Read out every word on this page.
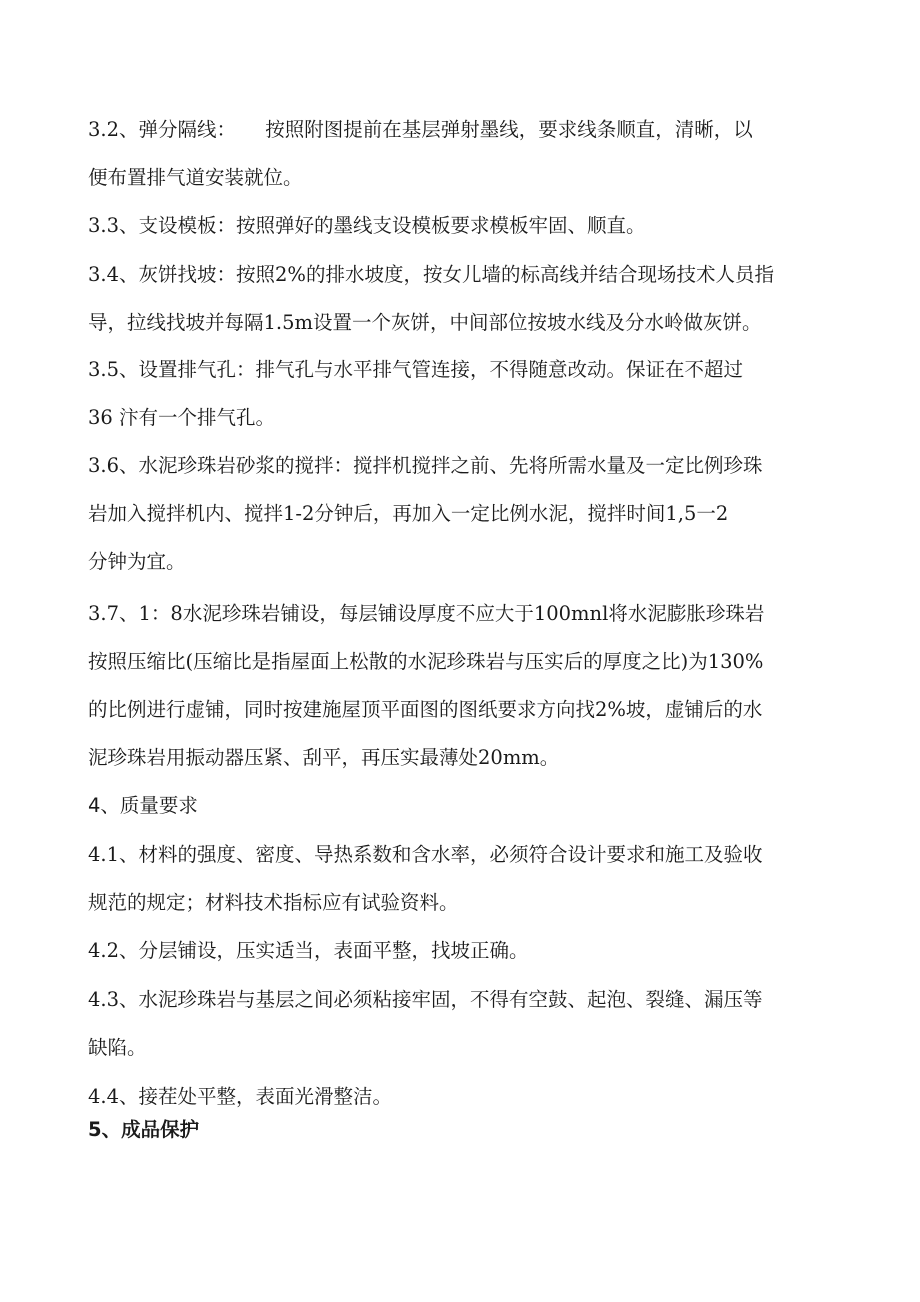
3.2、弹分隔线：　　按照附图提前在基层弹射墨线，要求线条顺直，清晰，以
便布置排气道安装就位。
3.3、支设模板：按照弹好的墨线支设模板要求模板牢固、顺直。
3.4、灰饼找坡：按照2%的排水坡度，按女儿墙的标高线并结合现场技术人员指
导，拉线找坡并每隔1.5m设置一个灰饼，中间部位按坡水线及分水岭做灰饼。
3.5、设置排气孔：排气孔与水平排气管连接，不得随意改动。保证在不超过
36 汴有一个排气孔。
3.6、水泥珍珠岩砂浆的搅拌：搅拌机搅拌之前、先将所需水量及一定比例珍珠
岩加入搅拌机内、搅拌1-2分钟后，再加入一定比例水泥，搅拌时间1,5一2
分钟为宜。
3.7、1：8水泥珍珠岩铺设，每层铺设厚度不应大于100mnl将水泥膨胀珍珠岩
按照压缩比(压缩比是指屋面上松散的水泥珍珠岩与压实后的厚度之比)为130%
的比例进行虚铺，同时按建施屋顶平面图的图纸要求方向找2%坡，虚铺后的水
泥珍珠岩用振动器压紧、刮平，再压实最薄处20mm。
4、质量要求
4.1、材料的强度、密度、导热系数和含水率，必须符合设计要求和施工及验收
规范的规定；材料技术指标应有试验资料。
4.2、分层铺设，压实适当，表面平整，找坡正确。
4.3、水泥珍珠岩与基层之间必须粘接牢固，不得有空鼓、起泡、裂缝、漏压等
缺陷。
4.4、接茬处平整，表面光滑整洁。
5、成品保护
